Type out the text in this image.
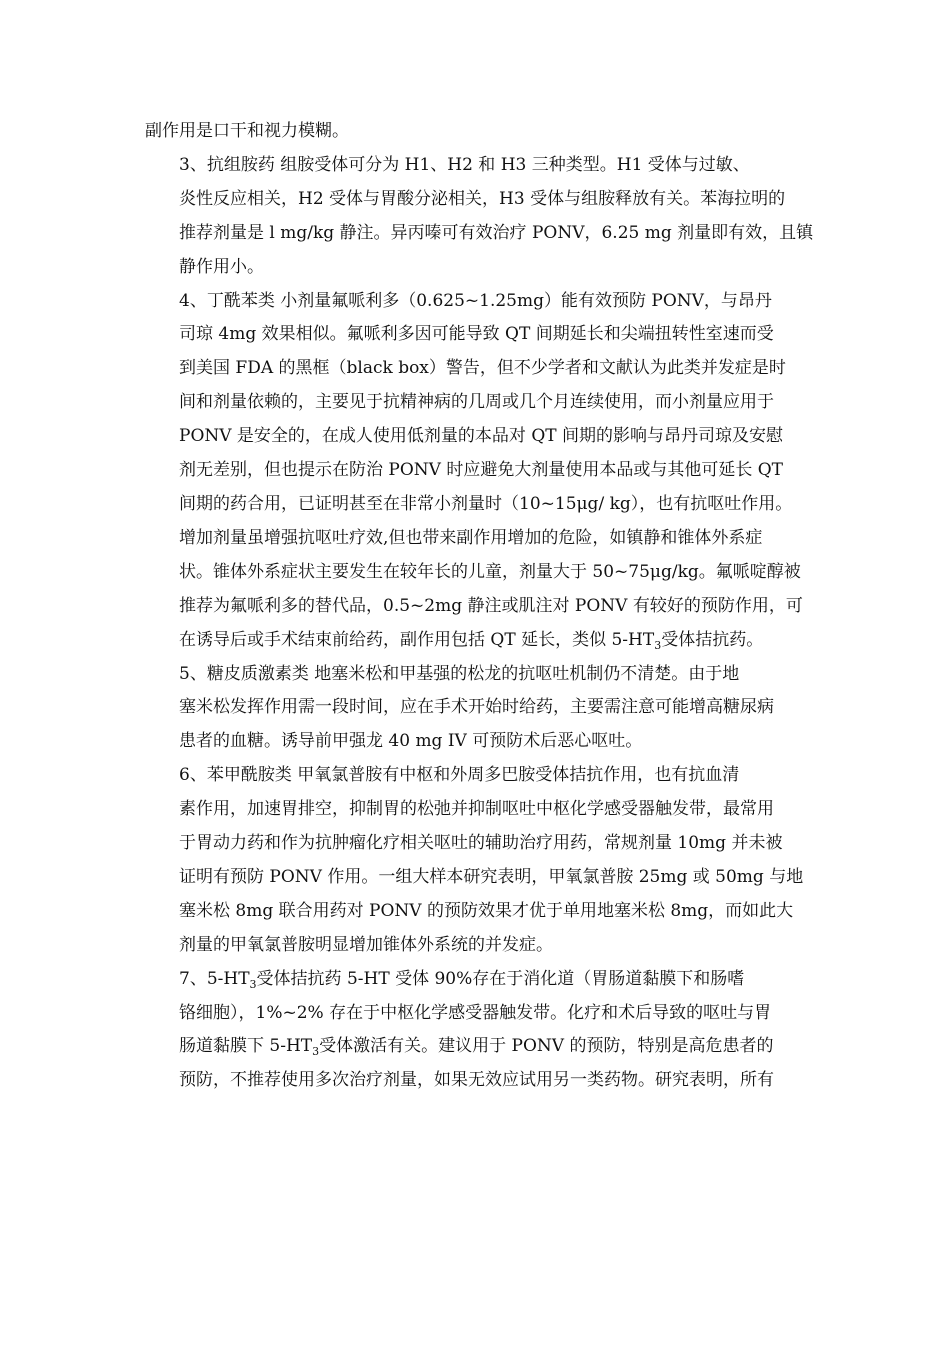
副作用是口干和视力模糊。

3、抗组胺药 组胺受体可分为 H1、H2 和 H3 三种类型。H1 受体与过敏、
炎性反应相关，H2 受体与胃酸分泌相关，H3 受体与组胺释放有关。苯海拉明的
推荐剂量是 l mg/kg 静注。异丙嗪可有效治疗 PONV，6.25 mg 剂量即有效，且镇
静作用小。

4、丁酰苯类 小剂量氟哌利多（0.625~1.25mg）能有效预防 PONV，与昂丹
司琼 4mg 效果相似。氟哌利多因可能导致 QT 间期延长和尖端扭转性室速而受
到美国 FDA 的黑框（black box）警告，但不少学者和文献认为此类并发症是时
间和剂量依赖的，主要见于抗精神病的几周或几个月连续使用，而小剂量应用于
PONV 是安全的，在成人使用低剂量的本品对 QT 间期的影响与昂丹司琼及安慰
剂无差别，但也提示在防治 PONV 时应避免大剂量使用本品或与其他可延长 QT
间期的药合用，已证明甚至在非常小剂量时（10~15μg/ kg），也有抗呕吐作用。
增加剂量虽增强抗呕吐疗效,但也带来副作用增加的危险，如镇静和锥体外系症
状。锥体外系症状主要发生在较年长的儿童，剂量大于 50~75μg/kg。氟哌啶醇被
推荐为氟哌利多的替代品，0.5~2mg 静注或肌注对 PONV 有较好的预防作用，可
在诱导后或手术结束前给药，副作用包括 QT 延长，类似 $5-HT_3$受体拮抗药。

5、糖皮质激素类 地塞米松和甲基强的松龙的抗呕吐机制仍不清楚。由于地
塞米松发挥作用需一段时间，应在手术开始时给药，主要需注意可能增高糖尿病
患者的血糖。诱导前甲强龙 40 mg IV 可预防术后恶心呕吐。

6、苯甲酰胺类 甲氧氯普胺有中枢和外周多巴胺受体拮抗作用，也有抗血清
素作用，加速胃排空，抑制胃的松弛并抑制呕吐中枢化学感受器触发带，最常用
于胃动力药和作为抗肿瘤化疗相关呕吐的辅助治疗用药，常规剂量 10mg 并未被
证明有预防 PONV 作用。一组大样本研究表明，甲氧氯普胺 25mg 或 50mg 与地
塞米松 8mg 联合用药对 PONV 的预防效果才优于单用地塞米松 8mg，而如此大
剂量的甲氧氯普胺明显增加锥体外系统的并发症。

7、$5-HT_3$受体拮抗药 5-HT 受体 90%存在于消化道（胃肠道黏膜下和肠嗜
铬细胞），1%~2% 存在于中枢化学感受器触发带。化疗和术后导致的呕吐与胃
肠道黏膜下 $5-HT_3$受体激活有关。建议用于 PONV 的预防，特别是高危患者的
预防，不推荐使用多次治疗剂量，如果无效应试用另一类药物。研究表明，所有
